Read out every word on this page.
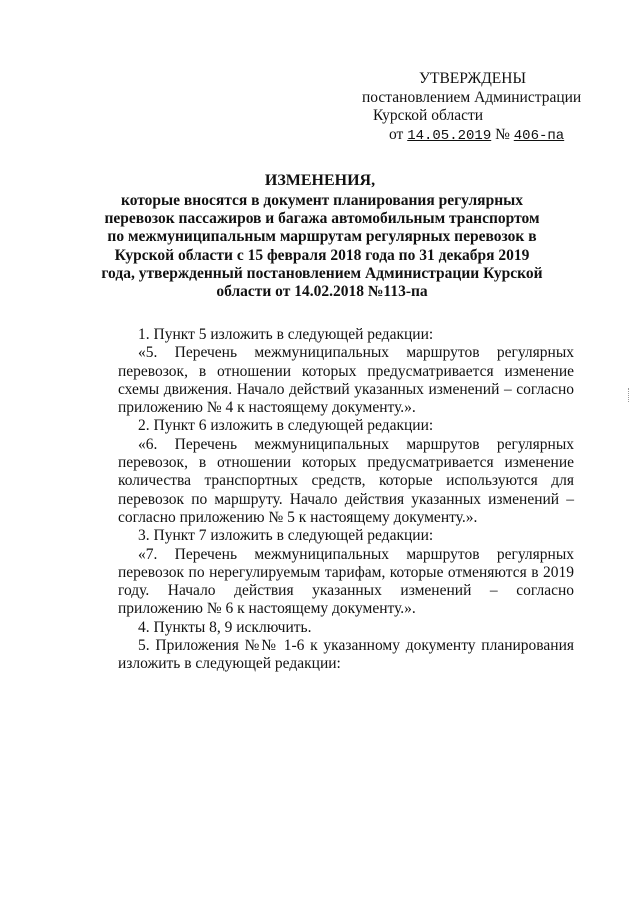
УТВЕРЖДЕНЫ
постановлением Администрации
Курской области
от 14.05.2019 № 406-па
ИЗМЕНЕНИЯ,
которые вносятся в документ планирования регулярных перевозок пассажиров и багажа автомобильным транспортом по межмуниципальным маршрутам регулярных перевозок в Курской области с 15 февраля 2018 года по 31 декабря 2019 года, утвержденный постановлением Администрации Курской области от 14.02.2018 №113-па

1. Пункт 5 изложить в следующей редакции:

«5. Перечень межмуниципальных маршрутов регулярных перевозок, в отношении которых предусматривается изменение схемы движения. Начало действий указанных изменений – согласно приложению № 4 к настоящему документу.».

2. Пункт 6 изложить в следующей редакции:

«6. Перечень межмуниципальных маршрутов регулярных перевозок, в отношении которых предусматривается изменение количества транспортных средств, которые используются для перевозок по маршруту. Начало действия указанных изменений – согласно приложению № 5 к настоящему документу.».

3. Пункт 7 изложить в следующей редакции:

«7. Перечень межмуниципальных маршрутов регулярных перевозок по нерегулируемым тарифам, которые отменяются в 2019 году. Начало действия указанных изменений – согласно приложению № 6 к настоящему документу.».

4. Пункты 8, 9 исключить.

5. Приложения №№ 1-6 к указанному документу планирования изложить в следующей редакции:
